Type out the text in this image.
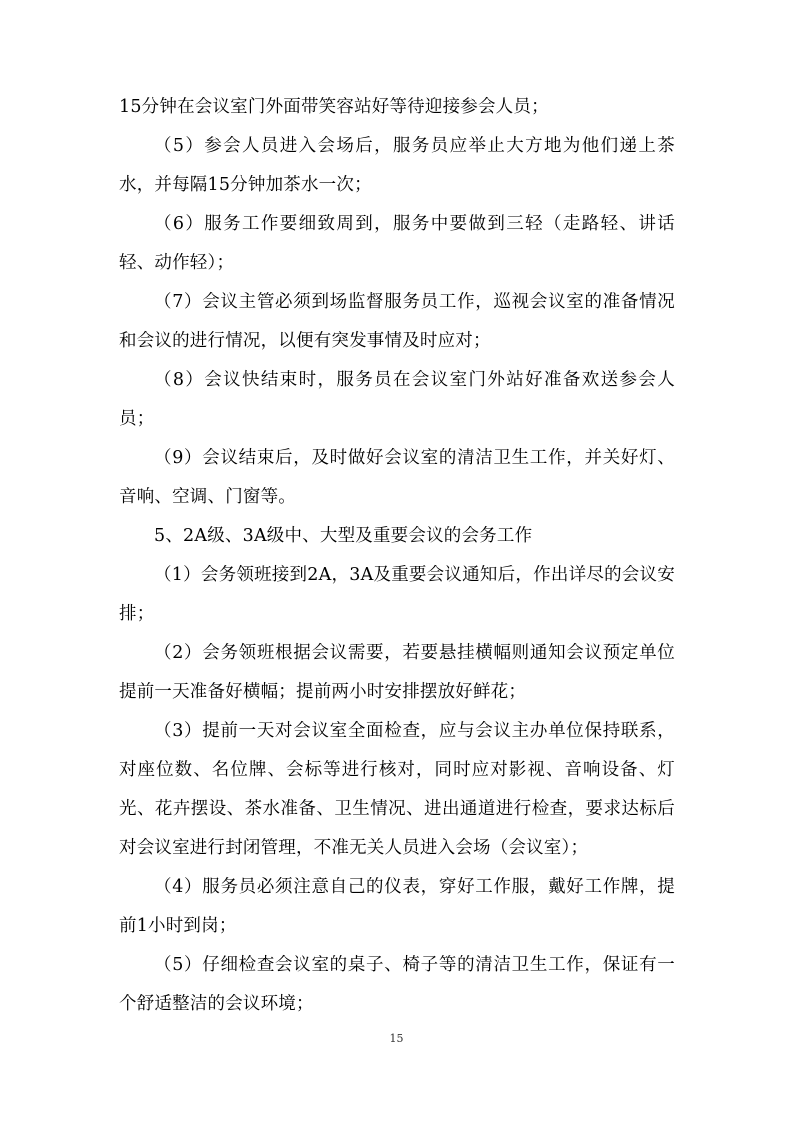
15分钟在会议室门外面带笑容站好等待迎接参会人员；

（5）参会人员进入会场后，服务员应举止大方地为他们递上茶水，并每隔15分钟加茶水一次；

（6）服务工作要细致周到，服务中要做到三轻（走路轻、讲话轻、动作轻）；

（7）会议主管必须到场监督服务员工作，巡视会议室的准备情况和会议的进行情况，以便有突发事情及时应对；

（8）会议快结束时，服务员在会议室门外站好准备欢送参会人员；

（9）会议结束后，及时做好会议室的清洁卫生工作，并关好灯、音响、空调、门窗等。

5、2A级、3A级中、大型及重要会议的会务工作

（1）会务领班接到2A，3A及重要会议通知后，作出详尽的会议安排；

（2）会务领班根据会议需要，若要悬挂横幅则通知会议预定单位提前一天准备好横幅；提前两小时安排摆放好鲜花；

（3）提前一天对会议室全面检查，应与会议主办单位保持联系，对座位数、名位牌、会标等进行核对，同时应对影视、音响设备、灯光、花卉摆设、茶水准备、卫生情况、进出通道进行检查，要求达标后对会议室进行封闭管理，不准无关人员进入会场（会议室）；

（4）服务员必须注意自己的仪表，穿好工作服，戴好工作牌，提前1小时到岗；

（5）仔细检查会议室的桌子、椅子等的清洁卫生工作，保证有一个舒适整洁的会议环境；

15
